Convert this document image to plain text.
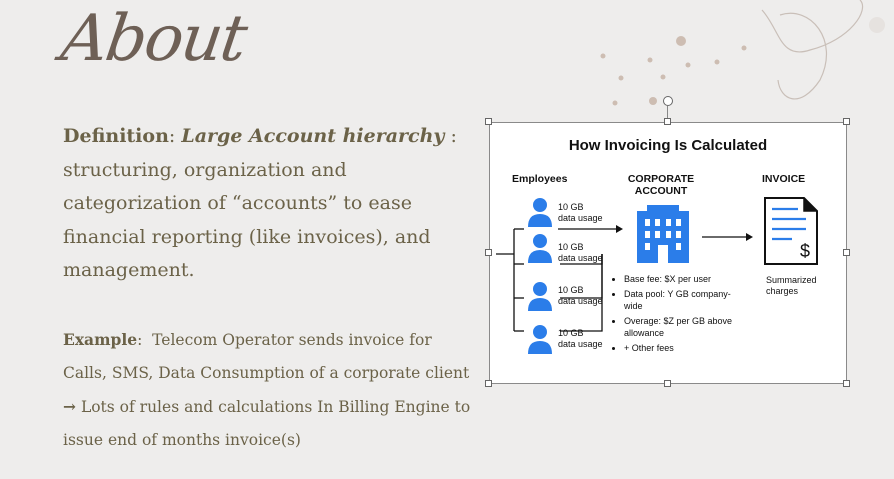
About
Definition: Large Account hierarchy :
structuring, organization and categorization of “accounts” to ease financial reporting (like invoices), and management.
Example:  Telecom Operator sends invoice for Calls, SMS, Data Consumption of a corporate client → Lots of rules and calculations In Billing Engine to issue end of months invoice(s)
How Invoicing Is Calculated
Employees	CORPORATE
ACCOUNT
INVOICE
10 GB
data usage
10 GB
data usage
10 GB
data usage
10 GB
data usage
• Base fee: $X per user
• Data pool: Y GB company-wide
• Overage: $Z per GB above allowance
• + Other fees
$
Summarized
charges
